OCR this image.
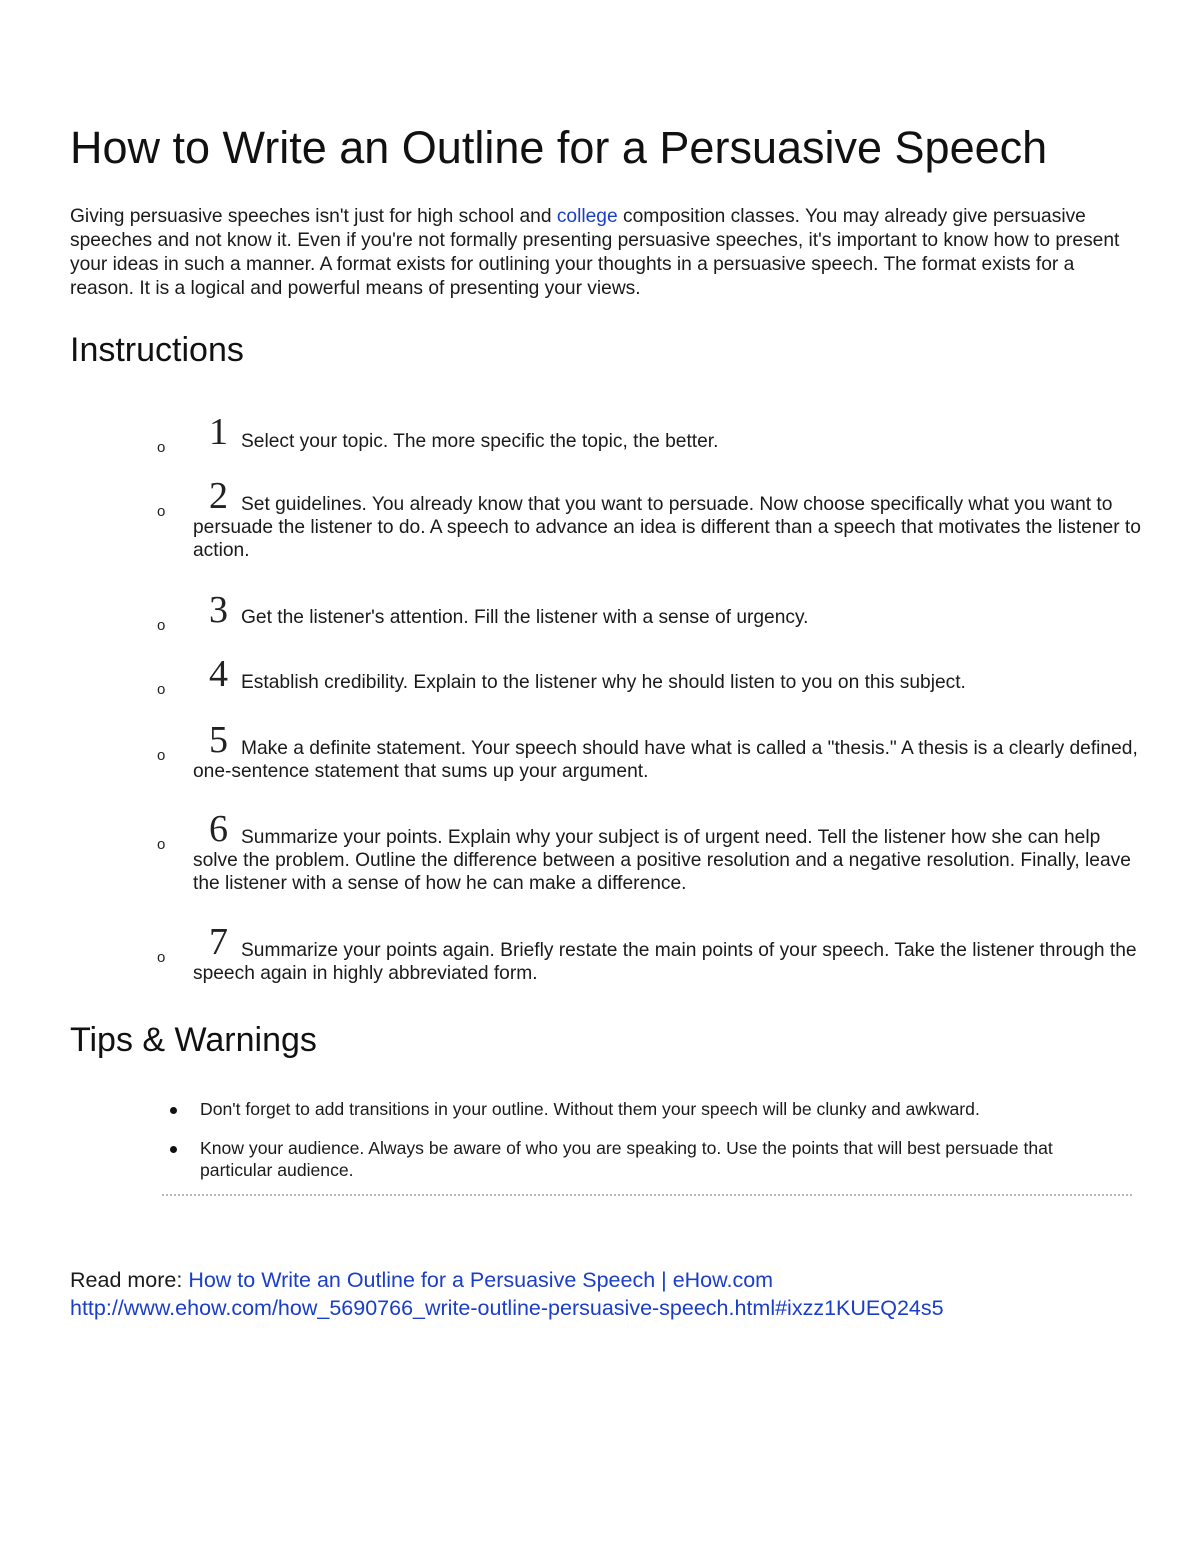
How to Write an Outline for a Persuasive Speech

Giving persuasive speeches isn't just for high school and college composition classes. You may already give persuasive speeches and not know it. Even if you're not formally presenting persuasive speeches, it's important to know how to present your ideas in such a manner. A format exists for outlining your thoughts in a persuasive speech. The format exists for a reason. It is a logical and powerful means of presenting your views.

Instructions
o 1 Select your topic. The more specific the topic, the better.

o 2 Set guidelines. You already know that you want to persuade. Now choose specifically what you want to persuade the listener to do. A speech to advance an idea is different than a speech that motivates the listener to action.

o 3 Get the listener's attention. Fill the listener with a sense of urgency.

o 4 Establish credibility. Explain to the listener why he should listen to you on this subject.

o 5 Make a definite statement. Your speech should have what is called a "thesis." A thesis is a clearly defined, one-sentence statement that sums up your argument.

o 6 Summarize your points. Explain why your subject is of urgent need. Tell the listener how she can help solve the problem. Outline the difference between a positive resolution and a negative resolution. Finally, leave the listener with a sense of how he can make a difference.

o 7 Summarize your points again. Briefly restate the main points of your speech. Take the listener through the speech again in highly abbreviated form.

Tips & Warnings

Don't forget to add transitions in your outline. Without them your speech will be clunky and awkward.

Know your audience. Always be aware of who you are speaking to. Use the points that will best persuade that particular audience.

Read more: How to Write an Outline for a Persuasive Speech | eHow.com
http://www.ehow.com/how_5690766_write-outline-persuasive-speech.html#ixzz1KUEQ24s5
